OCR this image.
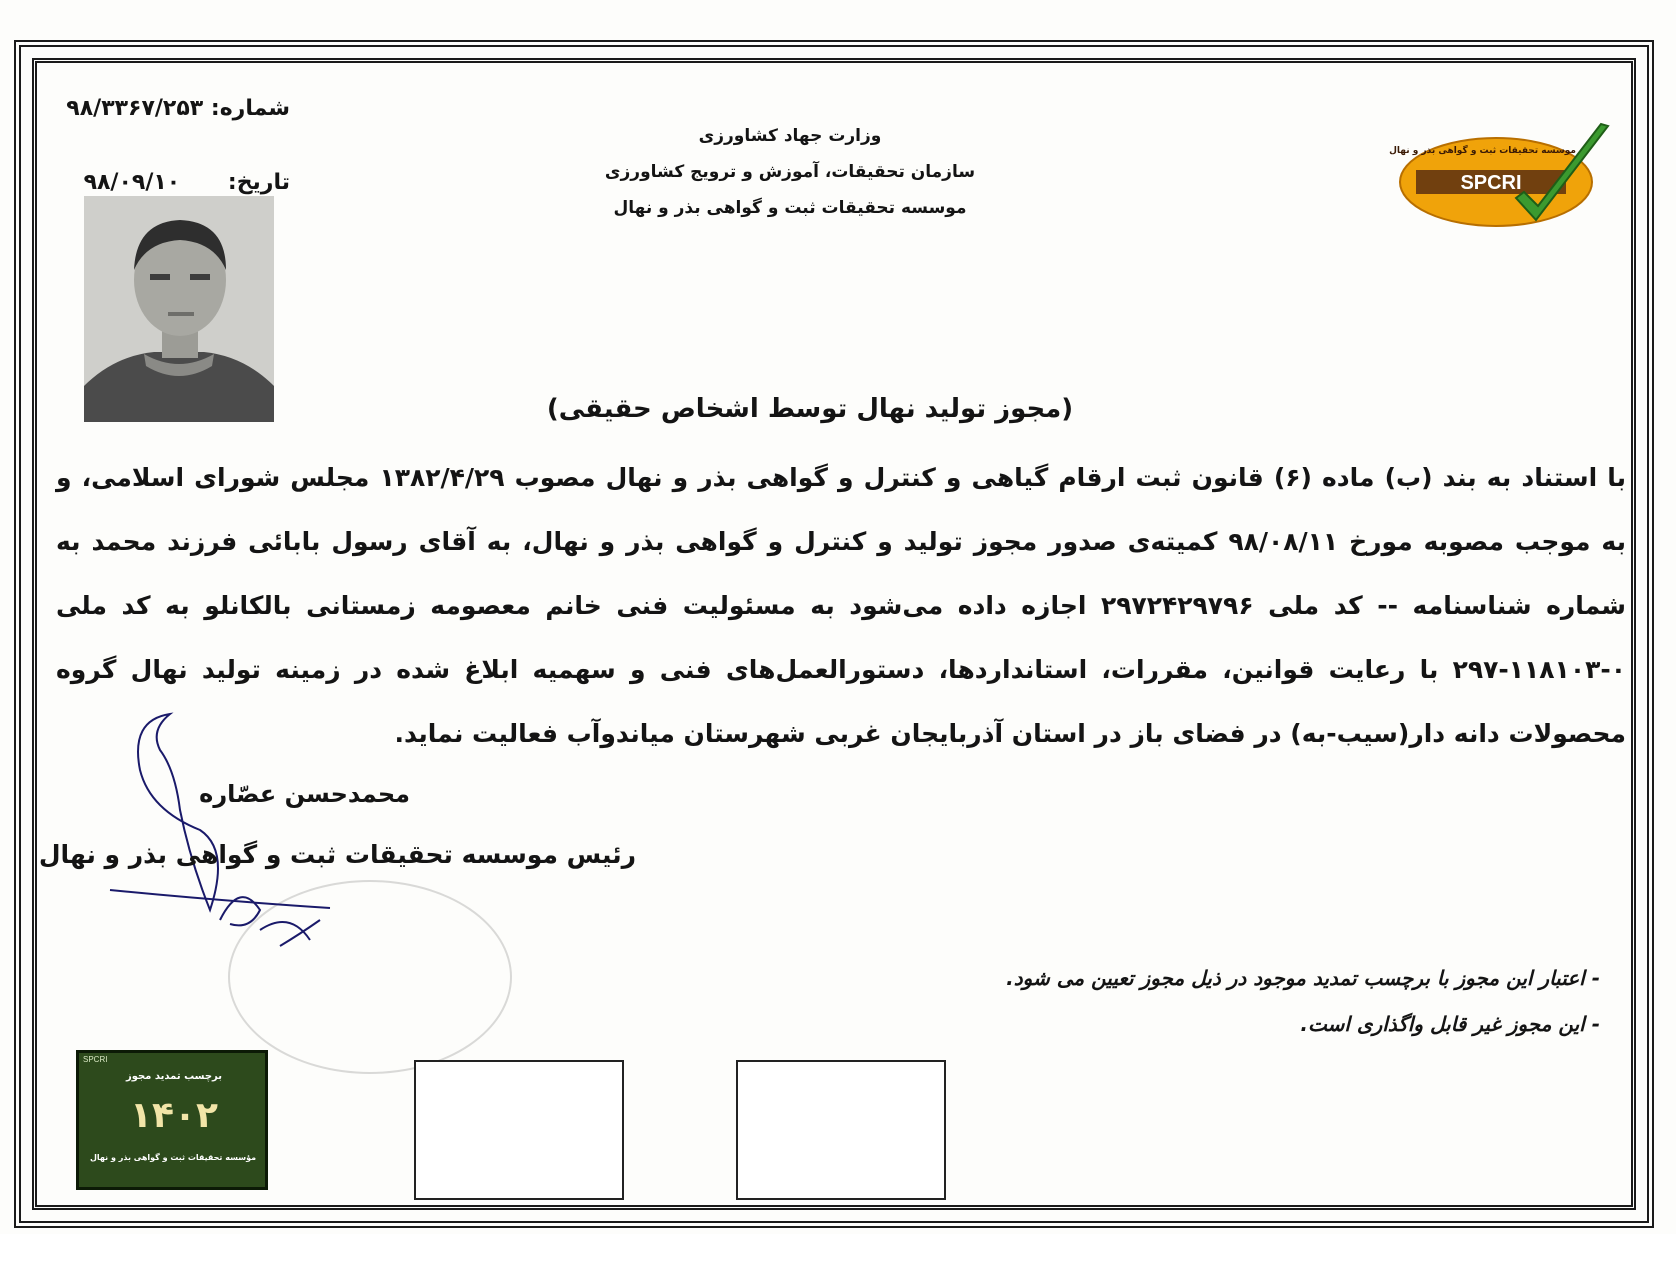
شماره: ۹۸/۳۳۶۷/۲۵۳
تاریخ: ۹۸/۰۹/۱۰
وزارت جهاد کشاورزی
سازمان تحقیقات، آموزش و ترویج کشاورزی
موسسه تحقیقات ثبت و گواهی بذر و نهال
موسسه تحقیقات ثبت و گواهی بذر و نهال
SPCRI
(مجوز تولید نهال توسط اشخاص حقیقی)
با استناد به بند (ب) ماده (۶) قانون ثبت ارقام گیاهی و کنترل و گواهی بذر و نهال مصوب ۱۳۸۲/۴/۲۹ مجلس شورای اسلامی، و به موجب مصوبه مورخ ۹۸/۰۸/۱۱ کمیته‌ی صدور مجوز تولید و کنترل و گواهی بذر و نهال، به آقای رسول بابائی فرزند محمد به شماره شناسنامه -- کد ملی ۲۹۷۲۴۲۹۷۹۶ اجازه داده می‌شود به مسئولیت فنی خانم معصومه زمستانی بالکانلو به کد ملی ۰-۱۱۸۱۰۳-۲۹۷ با رعایت قوانین، مقررات، استانداردها، دستورالعمل‌های فنی و سهمیه ابلاغ شده در زمینه تولید نهال گروه محصولات دانه دار(سیب-به) در فضای باز در استان آذربایجان غربی شهرستان میاندوآب فعالیت نماید.
محمدحسن عصّاره
رئیس موسسه تحقیقات ثبت و گواهی بذر و نهال
- اعتبار این مجوز با برچسب تمدید موجود در ذیل مجوز تعیین می شود.
- این مجوز غیر قابل واگذاری است.
SPCRI
برچسب تمدید مجوز
۱۴۰۲
مؤسسه تحقیقات ثبت و گواهی بذر و نهال
